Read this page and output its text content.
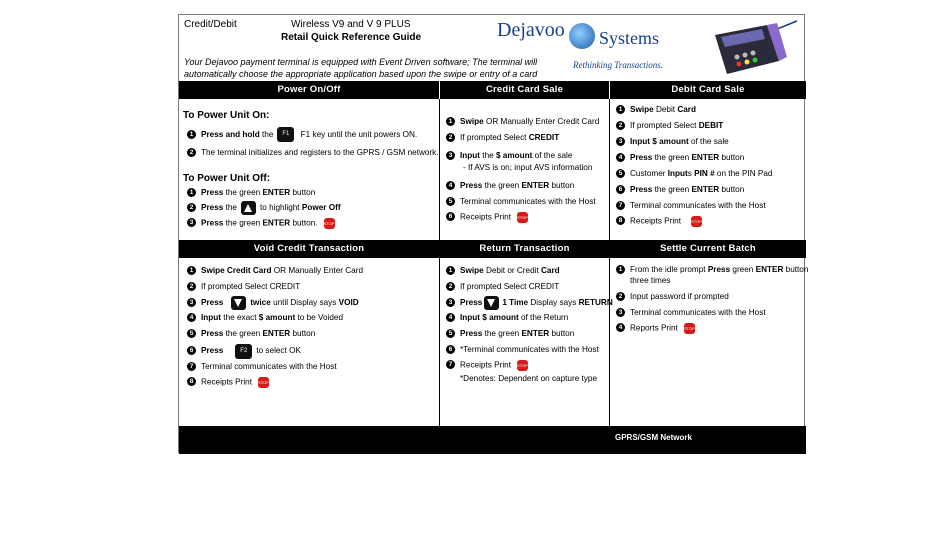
Credit/Debit	Wireless V9 and V 9 PLUS
Retail Quick Reference Guide
Your Dejavoo payment terminal is equipped with Event Driven software; The terminal will automatically choose the appropriate application based upon the swipe or entry of a card
Dejavoo Systems
Rethinking Transactions.
Power On/Off	Credit Card Sale	Debit Card Sale
Void Credit Transaction	Return Transaction	Settle Current Batch

To Power Unit On:

1 Press and hold the F1 F1 key until the unit powers ON.
2 The terminal initializes and registers to the GPRS / GSM network.

To Power Unit Off:

1 Press the green ENTER button
2 Press the	to highlight Power Off
3 Press the green ENTER button. STOP
1 Swipe OR Manually Enter Credit Card
2 If prompted Select CREDIT
3 Input the $ amount of the sale
- If AVS is on; input AVS information
4 Press the green ENTER button
5 Terminal communicates with the Host
6 Receipts Print STOP
1 Swipe Debit Card
2 If prompted Select DEBIT
3 Input $ amount of the sale
4 Press the green ENTER button
5 Customer Inputs PIN # on the PIN Pad
6 Press the green ENTER button
7 Terminal communicates with the Host
8 Receipts Print	STOP
1 Swipe Credit Card OR Manually Enter Card
2 If prompted Select CREDIT
3 Press	twice until Display says VOID
4 Input the exact $ amount to be Voided
5 Press the green ENTER button
6 Press	F2 to select OK
7 Terminal communicates with the Host
8 Receipts Print STOP
1 Swipe Debit or Credit Card
2 If prompted Select CREDIT
3 Press 1 Time Display says RETURN
4 Input $ amount of the Return
5 Press the green ENTER button
6 *Terminal communicates with the Host
7 Receipts Print STOP
*Denotes: Dependent on capture type
1 From the idle prompt Press green ENTER button
three times
2 Input password if prompted
3 Terminal communicates with the Host
4 Reports Print STOP
GPRS/GSM Network
